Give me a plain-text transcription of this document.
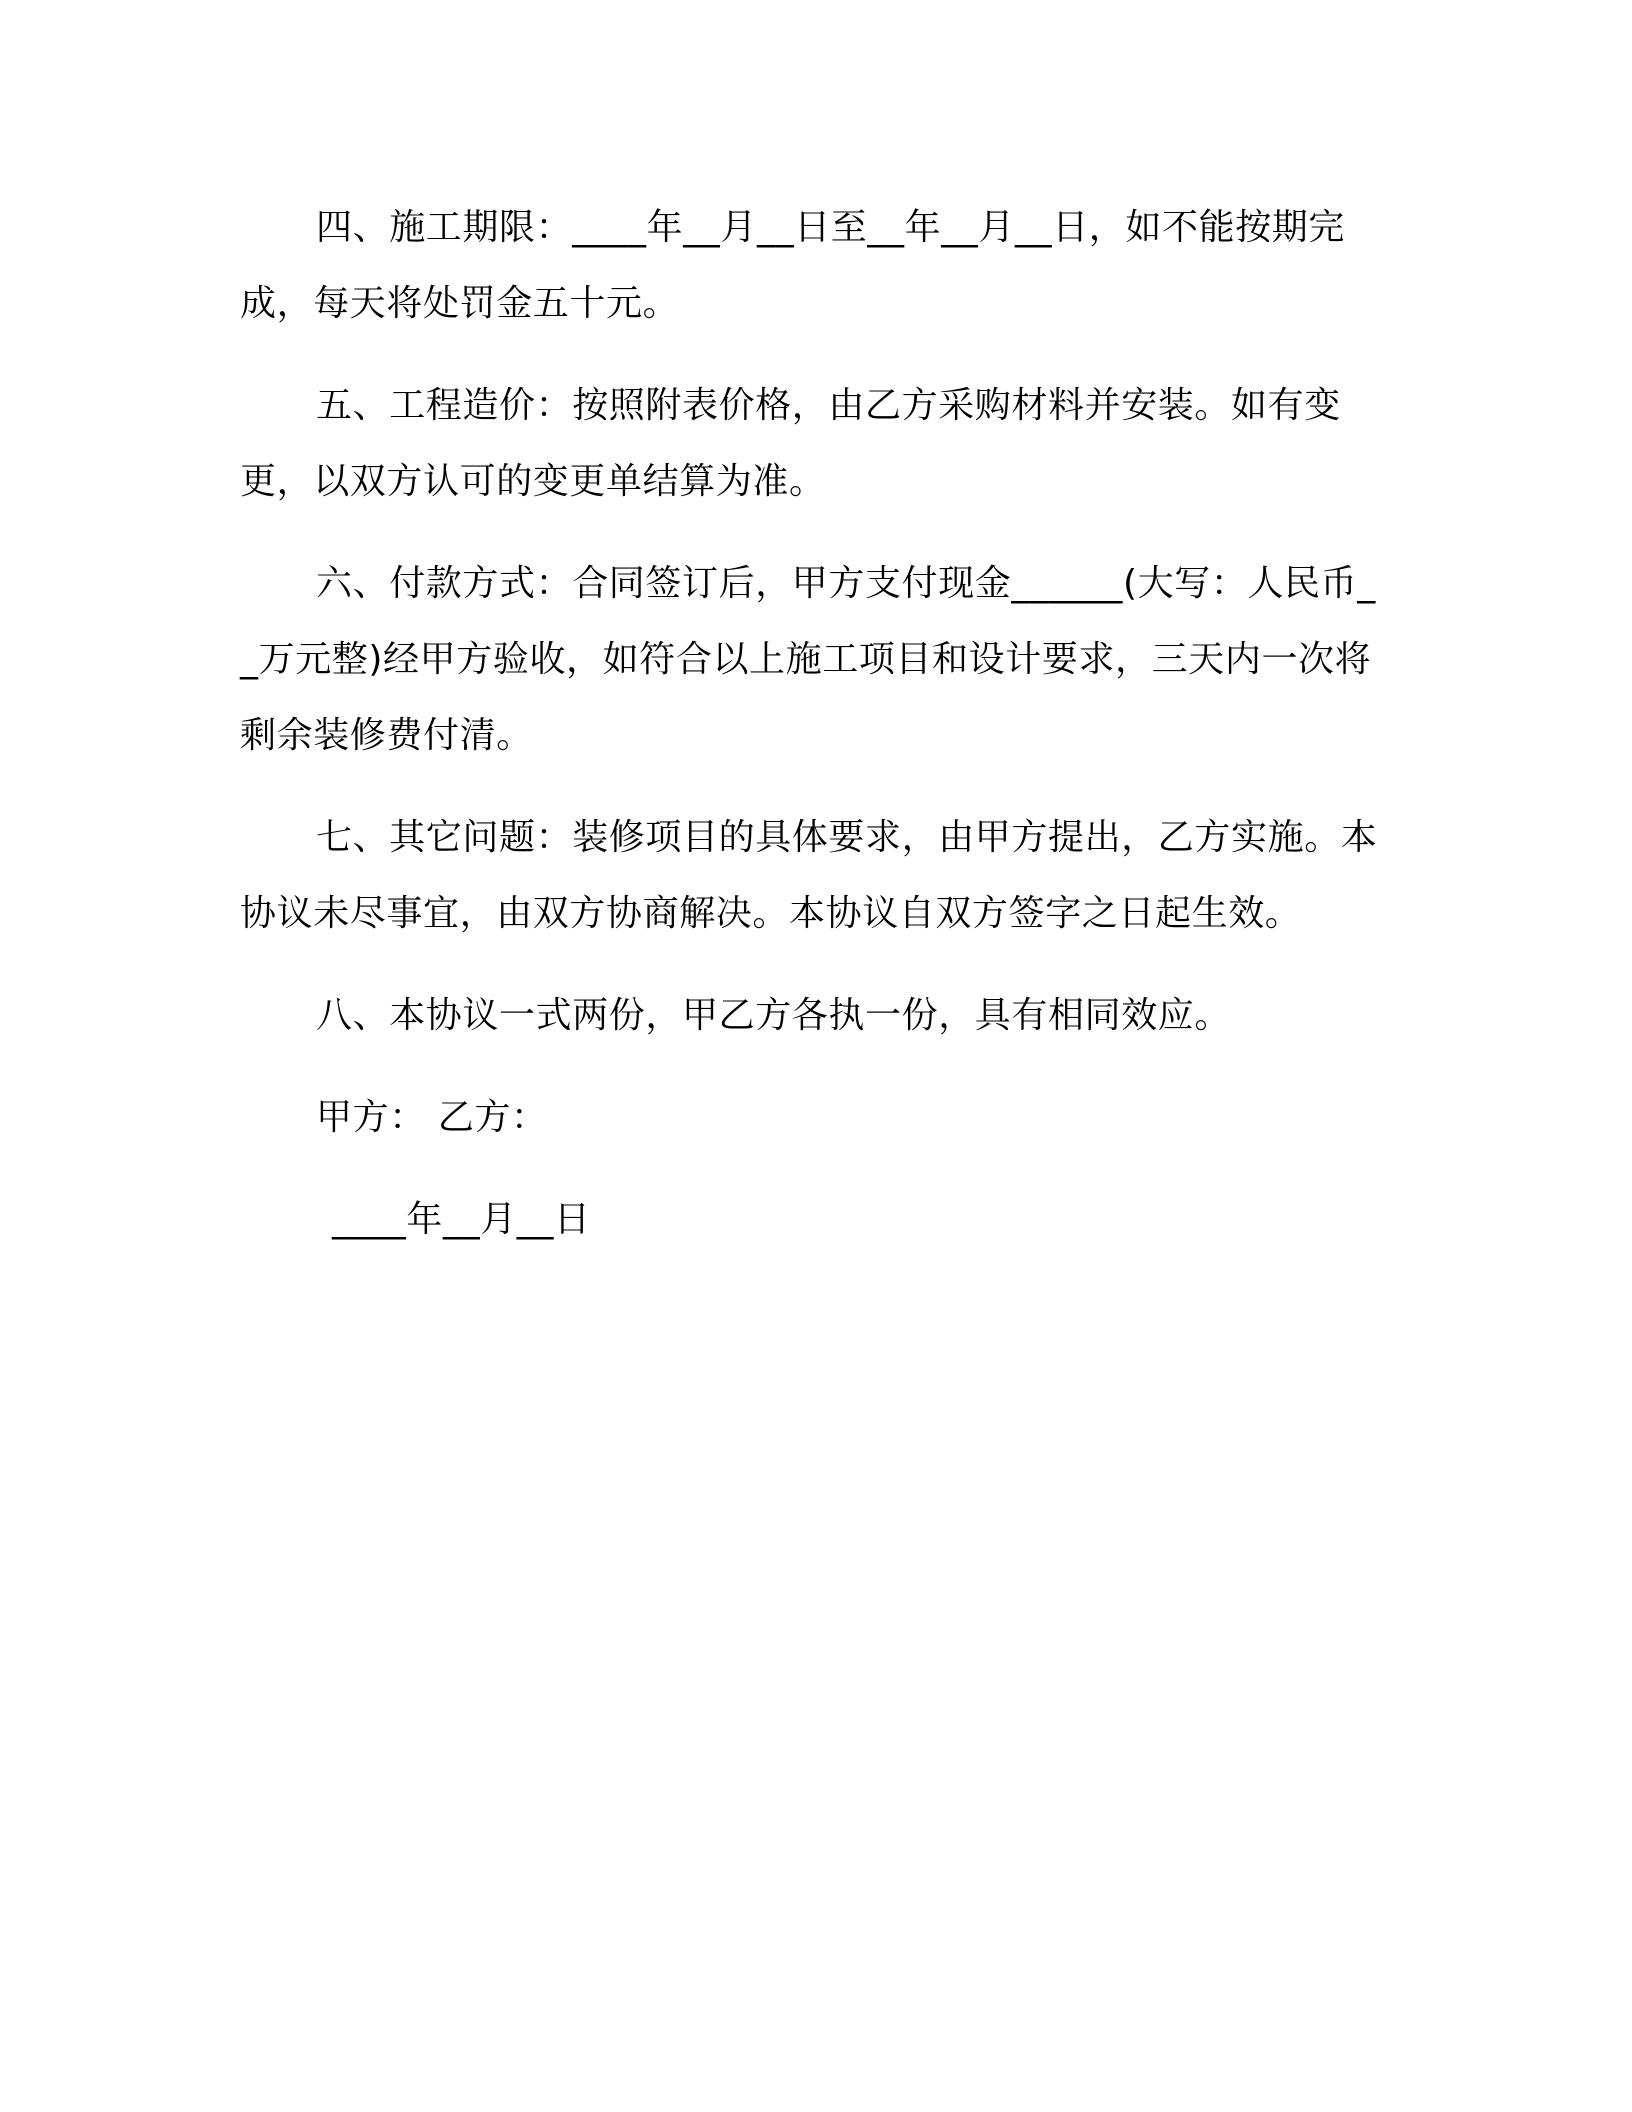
四、施工期限：____年__月__日至__年__月__日，如不能按期完成，每天将处罚金五十元。

五、工程造价：按照附表价格，由乙方采购材料并安装。如有变更，以双方认可的变更单结算为准。

六、付款方式：合同签订后，甲方支付现金______(大写：人民币__万元整)经甲方验收，如符合以上施工项目和设计要求，三天内一次将剩余装修费付清。

七、其它问题：装修项目的具体要求，由甲方提出，乙方实施。本协议未尽事宜，由双方协商解决。本协议自双方签字之日起生效。

八、本协议一式两份，甲乙方各执一份，具有相同效应。

甲方： 乙方：

____年__月__日
